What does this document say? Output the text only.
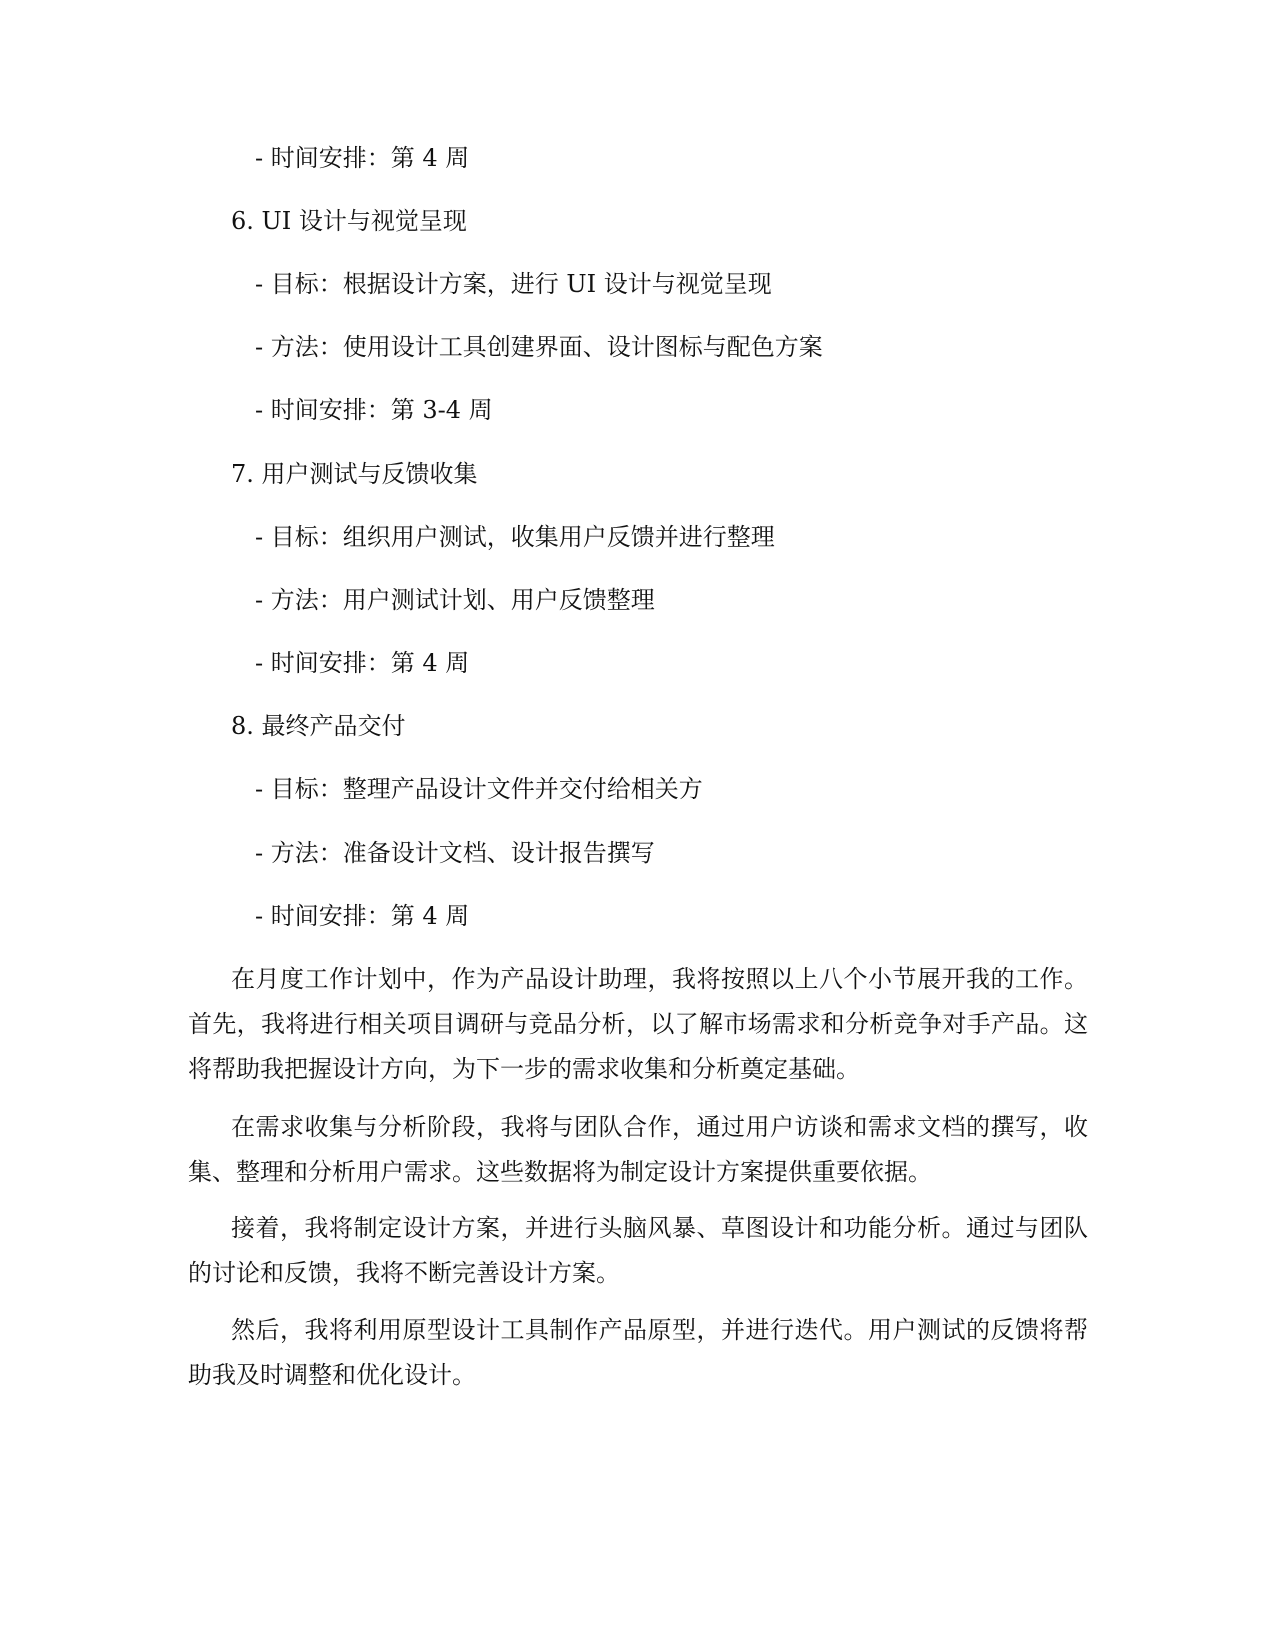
- 时间安排：第 4 周
6. UI 设计与视觉呈现
- 目标：根据设计方案，进行 UI 设计与视觉呈现
- 方法：使用设计工具创建界面、设计图标与配色方案
- 时间安排：第 3-4 周
7. 用户测试与反馈收集
- 目标：组织用户测试，收集用户反馈并进行整理
- 方法：用户测试计划、用户反馈整理
- 时间安排：第 4 周
8. 最终产品交付
- 目标：整理产品设计文件并交付给相关方
- 方法：准备设计文档、设计报告撰写
- 时间安排：第 4 周

在月度工作计划中，作为产品设计助理，我将按照以上八个小节展开我的工作。首先，我将进行相关项目调研与竞品分析，以了解市场需求和分析竞争对手产品。这将帮助我把握设计方向，为下一步的需求收集和分析奠定基础。

在需求收集与分析阶段，我将与团队合作，通过用户访谈和需求文档的撰写，收集、整理和分析用户需求。这些数据将为制定设计方案提供重要依据。

接着，我将制定设计方案，并进行头脑风暴、草图设计和功能分析。通过与团队的讨论和反馈，我将不断完善设计方案。

然后，我将利用原型设计工具制作产品原型，并进行迭代。用户测试的反馈将帮助我及时调整和优化设计。
